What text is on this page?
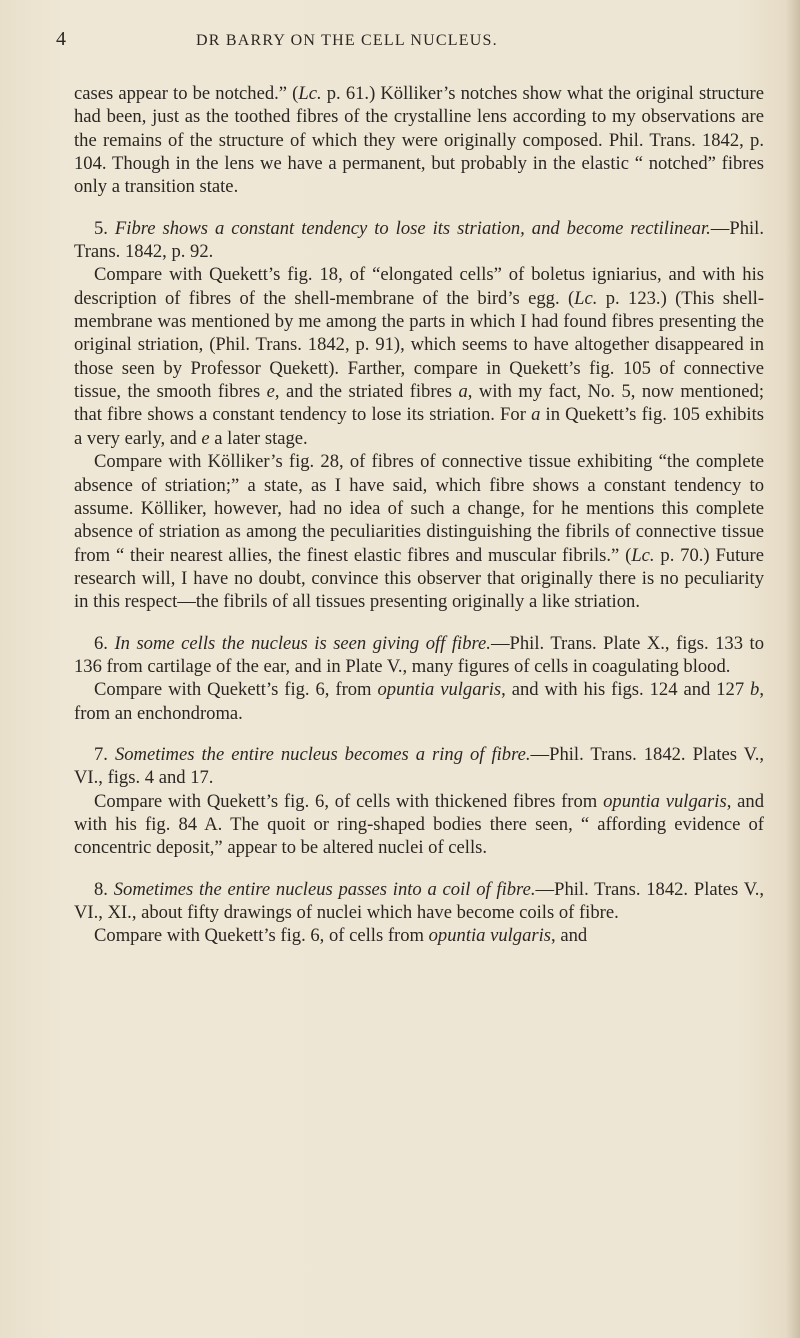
4	DR BARRY ON THE CELL NUCLEUS.

cases appear to be notched.” (Lc. p. 61.) Kölliker’s notches show what the original structure had been, just as the toothed fibres of the crystalline lens according to my observations are the remains of the structure of which they were originally composed. Phil. Trans. 1842, p. 104. Though in the lens we have a permanent, but probably in the elastic “ notched” fibres only a transition state.

5. Fibre shows a constant tendency to lose its striation, and become rectilinear.—Phil. Trans. 1842, p. 92.

Compare with Quekett’s fig. 18, of “elongated cells” of boletus igniarius, and with his description of fibres of the shell-membrane of the bird’s egg. (Lc. p. 123.) (This shell-membrane was mentioned by me among the parts in which I had found fibres presenting the original striation, (Phil. Trans. 1842, p. 91), which seems to have altogether disappeared in those seen by Professor Quekett). Farther, compare in Quekett’s fig. 105 of connective tissue, the smooth fibres e, and the striated fibres a, with my fact, No. 5, now mentioned; that fibre shows a constant tendency to lose its striation. For a in Quekett’s fig. 105 exhibits a very early, and e a later stage.

Compare with Kölliker’s fig. 28, of fibres of connective tissue exhibiting “the complete absence of striation;” a state, as I have said, which fibre shows a constant tendency to assume. Kölliker, however, had no idea of such a change, for he mentions this complete absence of striation as among the peculiarities distinguishing the fibrils of connective tissue from “ their nearest allies, the finest elastic fibres and muscular fibrils.” (Lc. p. 70.) Future research will, I have no doubt, convince this observer that originally there is no peculiarity in this respect—the fibrils of all tissues presenting originally a like striation.

6. In some cells the nucleus is seen giving off fibre.—Phil. Trans. Plate X., figs. 133 to 136 from cartilage of the ear, and in Plate V., many figures of cells in coagulating blood.

Compare with Quekett’s fig. 6, from opuntia vulgaris, and with his figs. 124 and 127 b, from an enchondroma.

7. Sometimes the entire nucleus becomes a ring of fibre.—Phil. Trans. 1842. Plates V., VI., figs. 4 and 17.

Compare with Quekett’s fig. 6, of cells with thickened fibres from opuntia vulgaris, and with his fig. 84 A. The quoit or ring-shaped bodies there seen, “ affording evidence of concentric deposit,” appear to be altered nuclei of cells.

8. Sometimes the entire nucleus passes into a coil of fibre.—Phil. Trans. 1842. Plates V., VI., XI., about fifty drawings of nuclei which have become coils of fibre.

Compare with Quekett’s fig. 6, of cells from opuntia vulgaris, and
